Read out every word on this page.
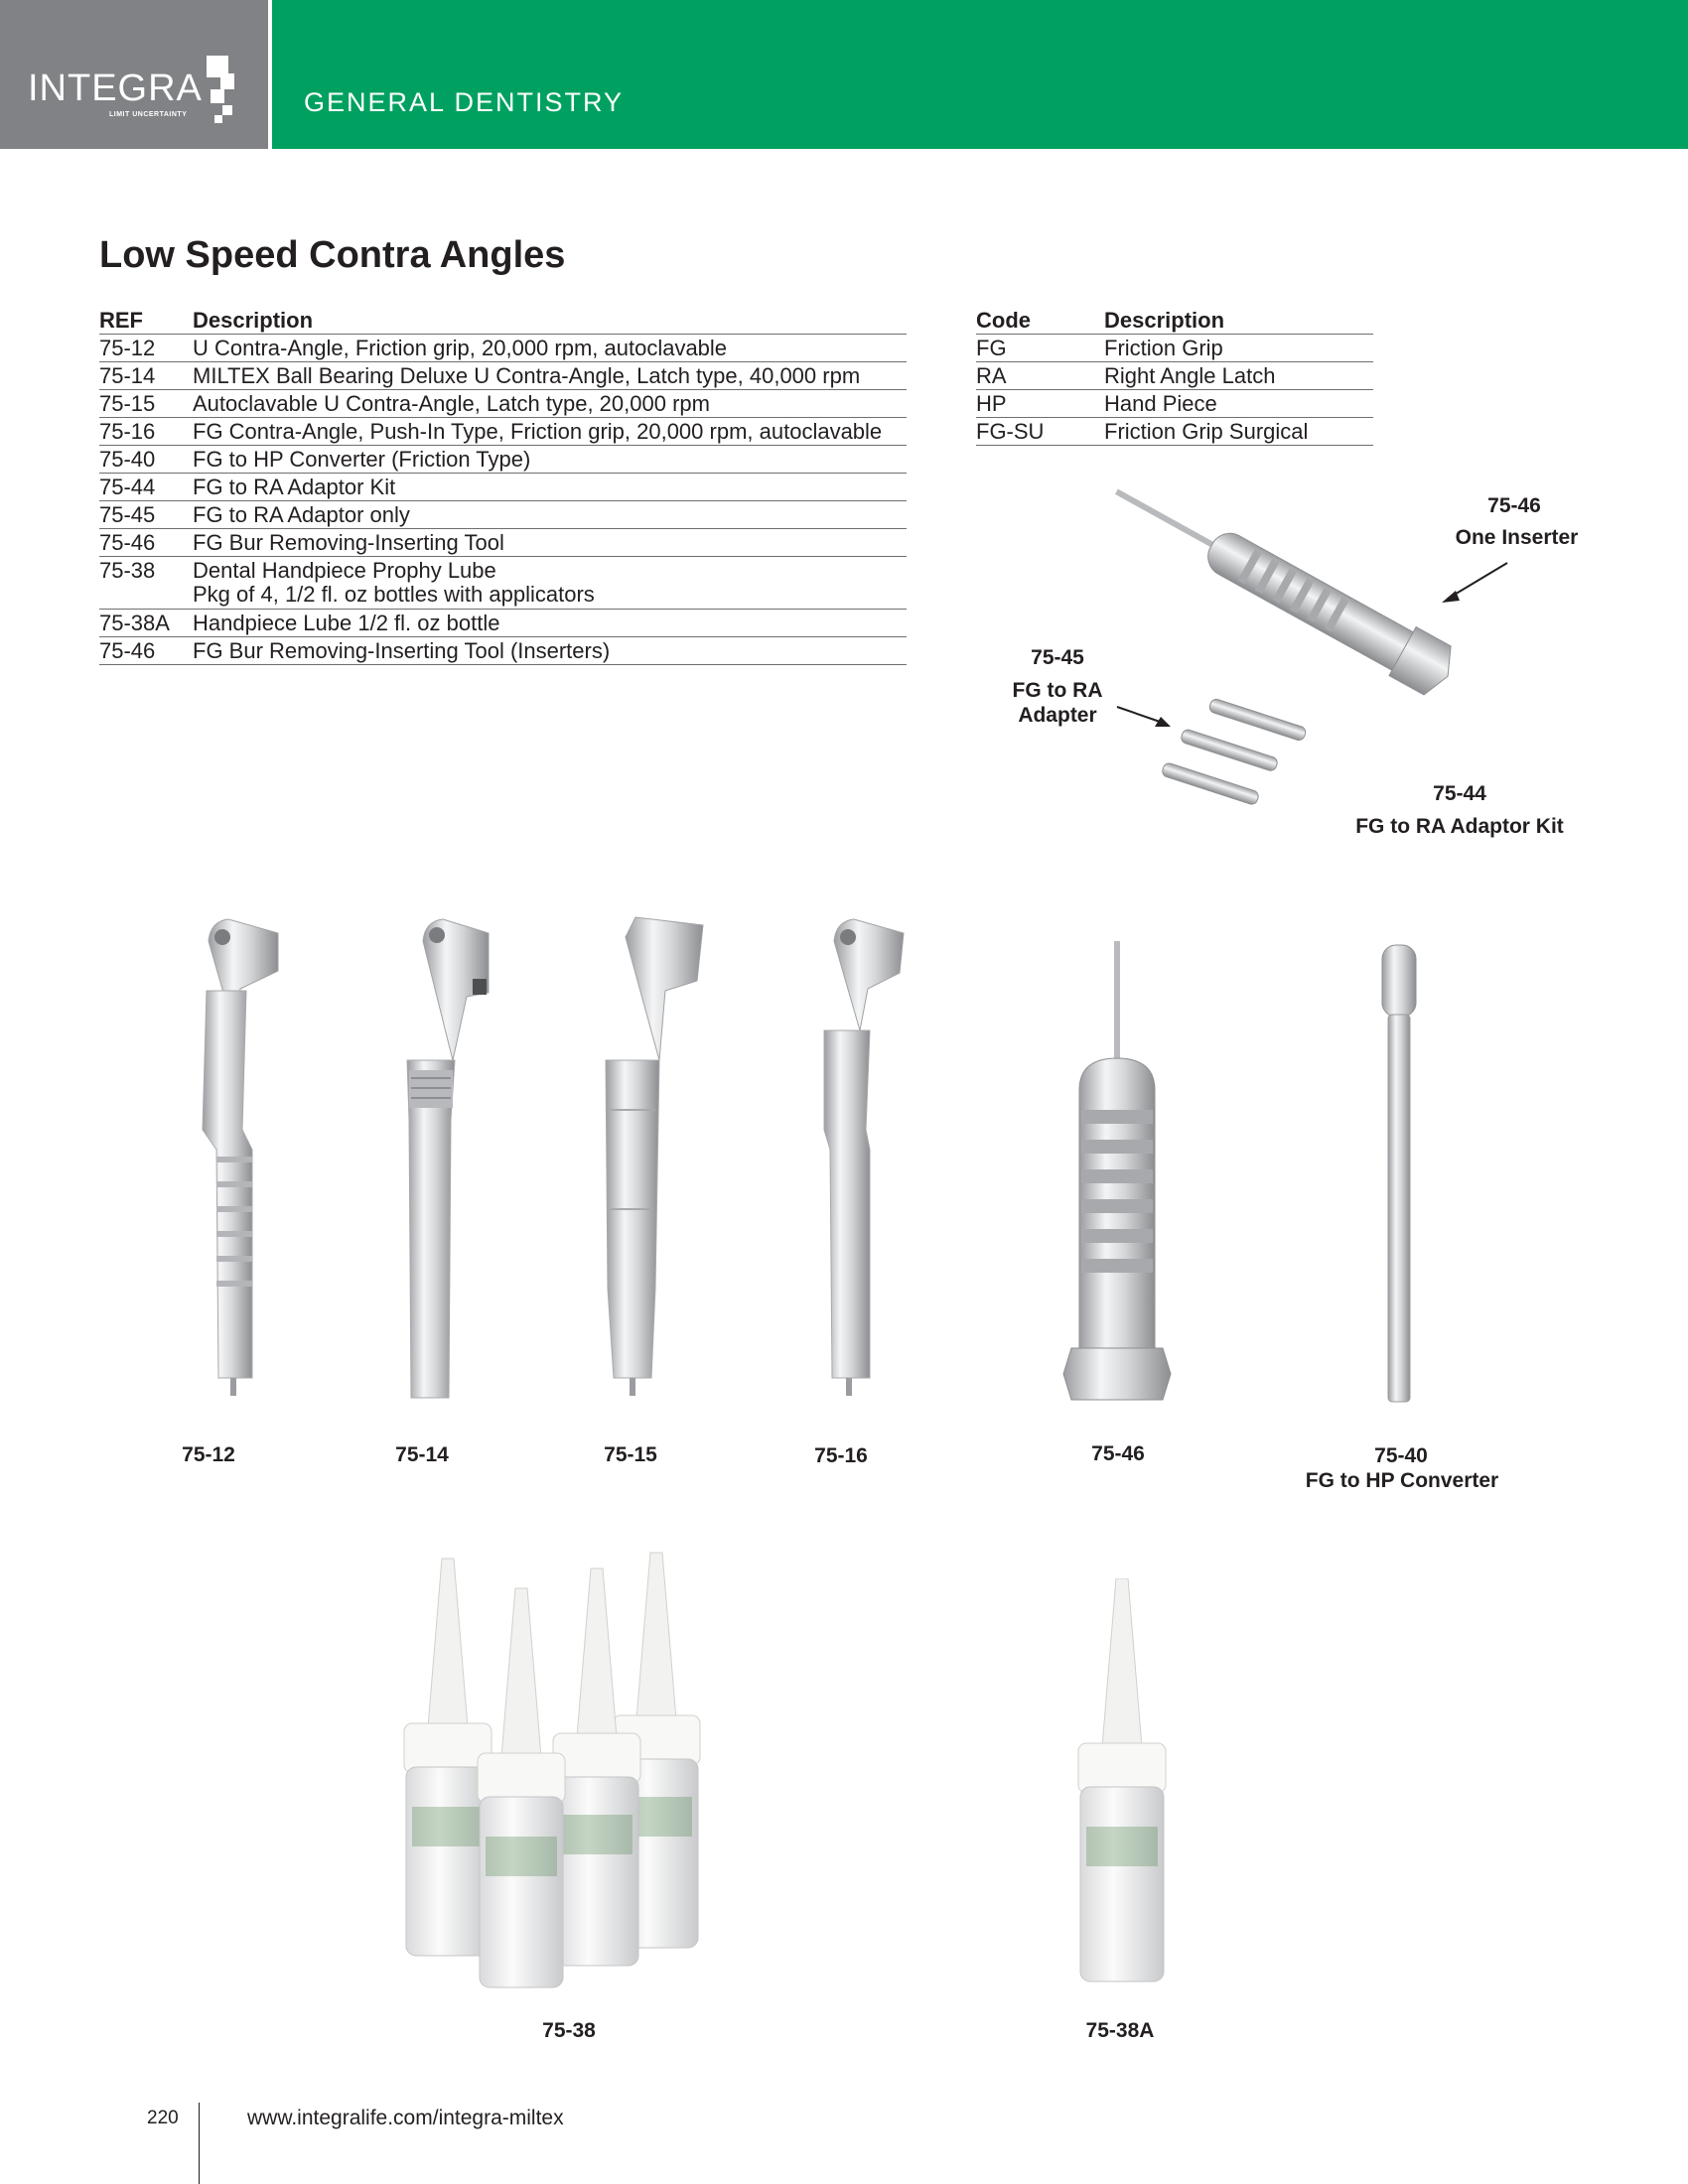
INTEGRA
LIMIT UNCERTAINTY	GENERAL DENTISTRY
Low Speed Contra Angles
REF	Description
75-12	U Contra-Angle, Friction grip, 20,000 rpm, autoclavable
75-14	MILTEX Ball Bearing Deluxe U Contra-Angle, Latch type, 40,000 rpm
75-15	Autoclavable U Contra-Angle, Latch type, 20,000 rpm
75-16	FG Contra-Angle, Push-In Type, Friction grip, 20,000 rpm, autoclavable
75-40	FG to HP Converter (Friction Type)
75-44	FG to RA Adaptor Kit
75-45	FG to RA Adaptor only
75-46	FG Bur Removing-Inserting Tool
75-38	Dental Handpiece Prophy Lube
Pkg of 4, 1/2 fl. oz bottles with applicators

75-38A	Handpiece Lube 1/2 fl. oz bottle
75-46	FG Bur Removing-Inserting Tool (Inserters)
Code	Description
FG	Friction Grip
RA	Right Angle Latch
HP	Hand Piece
FG-SU	Friction Grip Surgical
75-46
One Inserter
75-45
FG to RA
Adapter
75-44
FG to RA Adaptor Kit
75-12	75-14	75-15	75-16	75-46	75-40
FG to HP Converter
75-38	75-38A
220	www.integralife.com/integra-miltex
